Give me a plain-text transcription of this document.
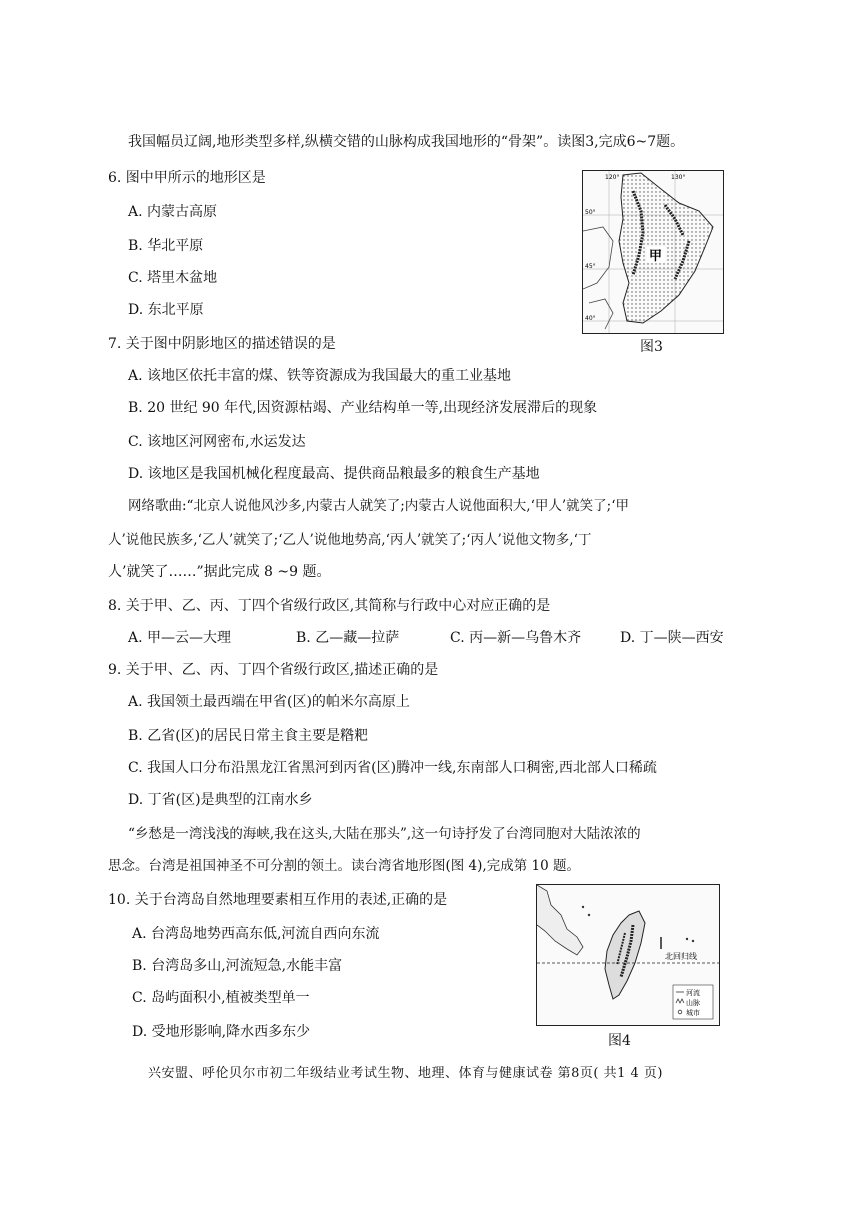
我国幅员辽阔,地形类型多样,纵横交错的山脉构成我国地形的“骨架”。读图3,完成6~7题。
6. 图中甲所示的地形区是
A. 内蒙古高原
B. 华北平原
C. 塔里木盆地
D. 东北平原
120°	130°
50°
45°
40°
甲
图3
7. 关于图中阴影地区的描述错误的是
A. 该地区依托丰富的煤、铁等资源成为我国最大的重工业基地
B. 20 世纪 90 年代,因资源枯竭、产业结构单一等,出现经济发展滞后的现象
C. 该地区河网密布,水运发达
D. 该地区是我国机械化程度最高、提供商品粮最多的粮食生产基地
网络歌曲:“北京人说他风沙多,内蒙古人就笑了;内蒙古人说他面积大,‘甲人’就笑了;‘甲
人’说他民族多,‘乙人’就笑了;‘乙人’说他地势高,‘丙人’就笑了;‘丙人’说他文物多,‘丁
人’就笑了……”据此完成 8 ~9 题。
8. 关于甲、乙、丙、丁四个省级行政区,其简称与行政中心对应正确的是
A. 甲—云—大理	B. 乙—藏—拉萨	C. 丙—新—乌鲁木齐	D. 丁—陕—西安
9. 关于甲、乙、丙、丁四个省级行政区,描述正确的是
A. 我国领土最西端在甲省(区)的帕米尔高原上
B. 乙省(区)的居民日常主食主要是糌粑
C. 我国人口分布沿黑龙江省黑河到丙省(区)腾冲一线,东南部人口稠密,西北部人口稀疏
D. 丁省(区)是典型的江南水乡
“乡愁是一湾浅浅的海峡,我在这头,大陆在那头”,这一句诗抒发了台湾同胞对大陆浓浓的
思念。台湾是祖国神圣不可分割的领土。读台湾省地形图(图 4),完成第 10 题。
10. 关于台湾岛自然地理要素相互作用的表述,正确的是
A. 台湾岛地势西高东低,河流自西向东流
B. 台湾岛多山,河流短急,水能丰富
C. 岛屿面积小,植被类型单一
D. 受地形影响,降水西多东少
北回归线
河流
山脉
城市
图4
兴安盟、呼伦贝尔市初二年级结业考试生物、地理、体育与健康试卷 第8页( 共1 4 页)
